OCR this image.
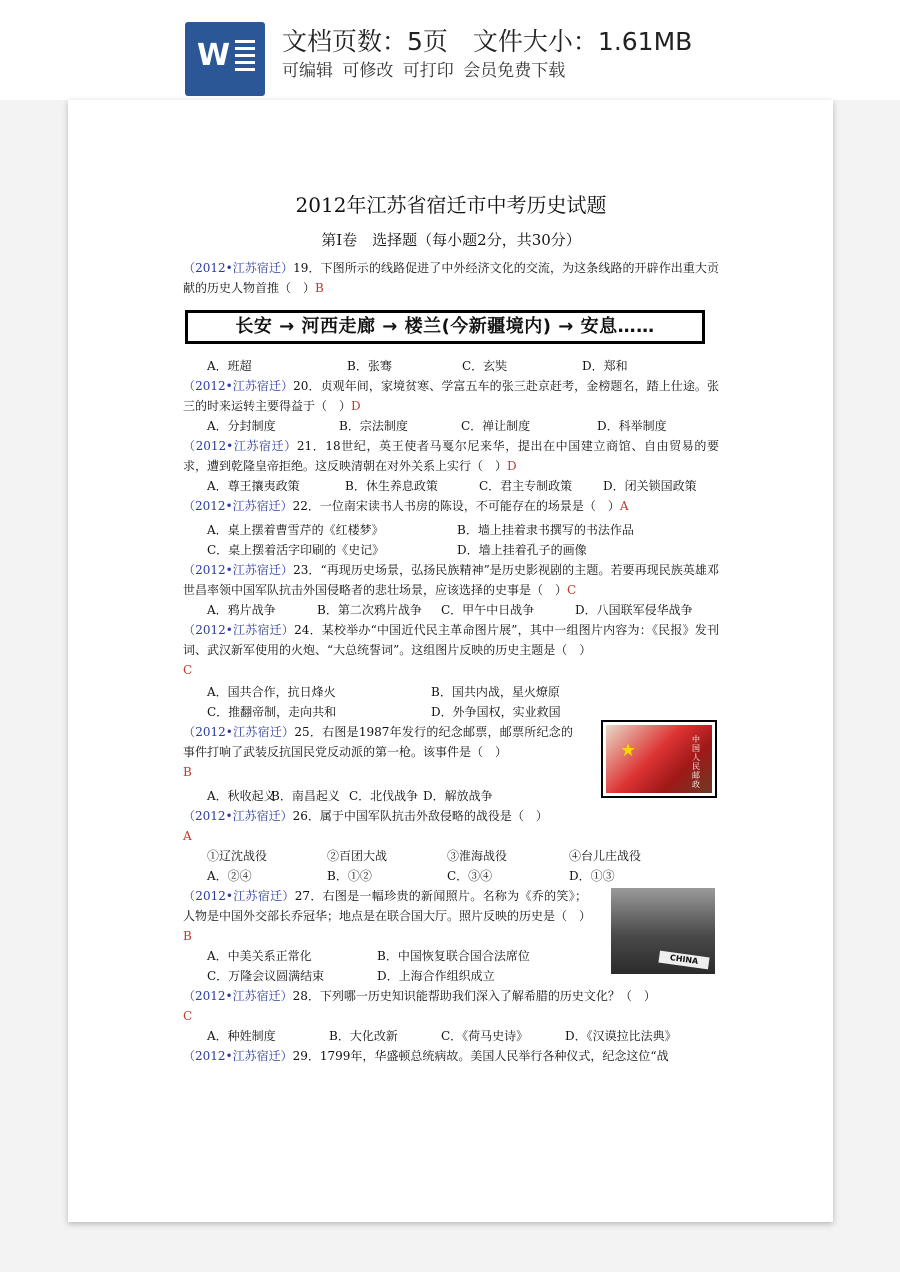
W 文档页数：5页　文件大小：1.61MB
可编辑 可修改 可打印 会员免费下载
2012年江苏省宿迁市中考历史试题
第Ⅰ卷　选择题（每小题2分，共30分）

（2012•江苏宿迁）19．下图所示的线路促进了中外经济文化的交流，为这条线路的开辟作出重大贡献的历史人物首推（　）B

长安 → 河西走廊 → 楼兰(今新疆境内) → 安息……
A．班超	B．张骞	C．玄奘	D．郑和

（2012•江苏宿迁）20．贞观年间，家境贫寒、学富五车的张三赴京赶考，金榜题名，踏上仕途。张三的时来运转主要得益于（　）D

A．分封制度	B．宗法制度	C．禅让制度	D．科举制度

（2012•江苏宿迁）21．18世纪，英王使者马戛尔尼来华，提出在中国建立商馆、自由贸易的要求，遭到乾隆皇帝拒绝。这反映清朝在对外关系上实行（　）D

A．尊王攘夷政策	B．休生养息政策	C．君主专制政策	D．闭关锁国政策

（2012•江苏宿迁）22．一位南宋读书人书房的陈设，不可能存在的场景是（　）A

A．桌上摆着曹雪芹的《红楼梦》	B．墙上挂着隶书撰写的书法作品
C．桌上摆着活字印刷的《史记》	D．墙上挂着孔子的画像

（2012•江苏宿迁）23．“再现历史场景，弘扬民族精神”是历史影视剧的主题。若要再现民族英雄邓世昌率领中国军队抗击外国侵略者的悲壮场景，应该选择的史事是（　）C

A．鸦片战争	B．第二次鸦片战争	C．甲午中日战争	D．八国联军侵华战争

（2012•江苏宿迁）24．某校举办“中国近代民主革命图片展”，其中一组图片内容为：《民报》发刊词、武汉新军使用的火炮、“大总统誓词”。这组图片反映的历史主题是（　）
C

A．国共合作，抗日烽火	B．国共内战，星火燎原
C．推翻帝制，走向共和	D．外争国权，实业救国
★
中国人民邮政

（2012•江苏宿迁）25．右图是1987年发行的纪念邮票，邮票所纪念的事件打响了武装反抗国民党反动派的第一枪。该事件是（　）
B

A．秋收起义
B．南昌起义 C．北伐战争 D．解放战争

（2012•江苏宿迁）26．属于中国军队抗击外敌侵略的战役是（　）
A

①辽沈战役	②百团大战	③淮海战役	④台儿庄战役
A．②④	B．①②	C．③④	D．①③
CHINA

（2012•江苏宿迁）27．右图是一幅珍贵的新闻照片。名称为《乔的笑》；人物是中国外交部长乔冠华；地点是在联合国大厅。照片反映的历史是（　）B

A．中美关系正常化	B．中国恢复联合国合法席位
C．万隆会议圆满结束	D．上海合作组织成立

（2012•江苏宿迁）28．下列哪一历史知识能帮助我们深入了解希腊的历史文化？（　）
C

A．种姓制度	B．大化改新	C．《荷马史诗》	D．《汉谟拉比法典》

（2012•江苏宿迁）29．1799年，华盛顿总统病故。美国人民举行各种仪式，纪念这位“战
